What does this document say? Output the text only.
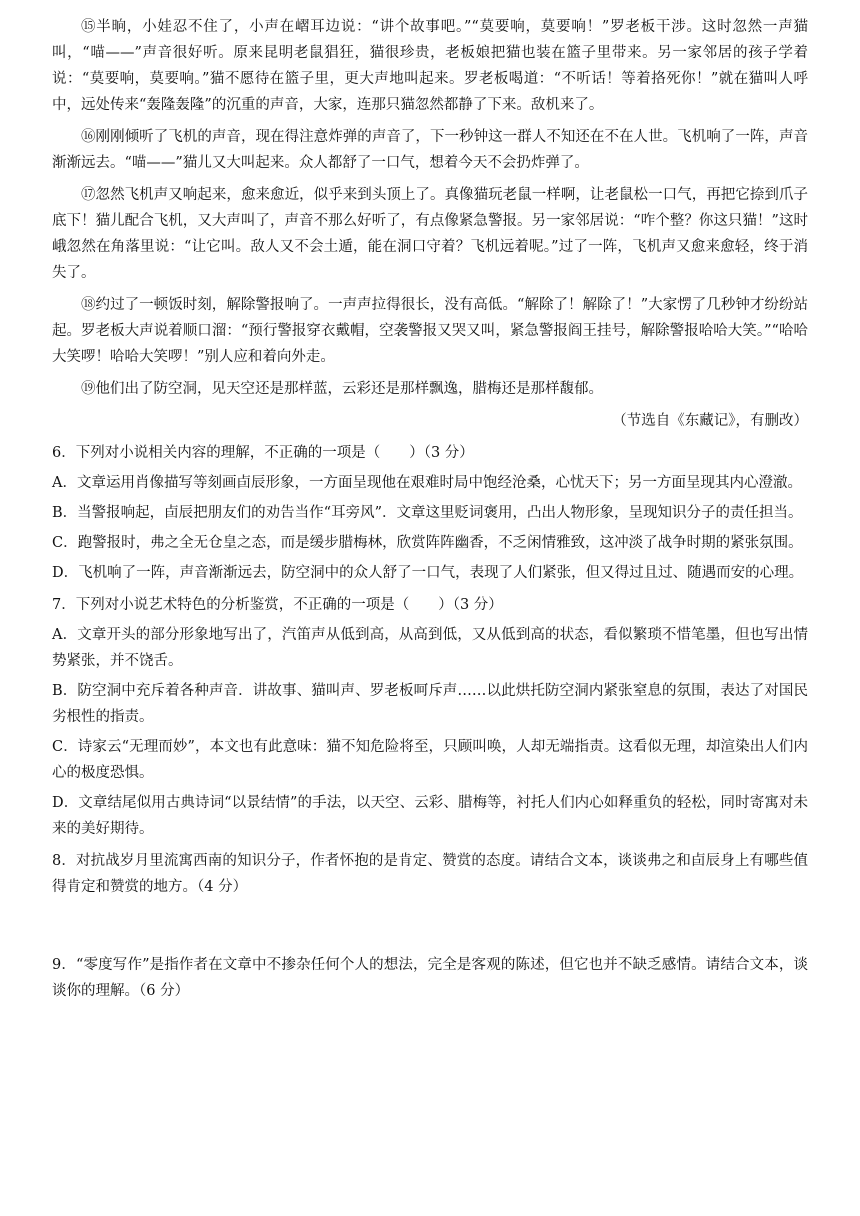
⑮半晌，小娃忍不住了，小声在嶍耳边说：“讲个故事吧。”“莫要响，莫要响！”罗老板干涉。这时忽然一声猫叫，“喵——”声音很好听。原来昆明老鼠猖狂，猫很珍贵，老板娘把猫也装在篮子里带来。另一家邻居的孩子学着说：“莫要响，莫要响。”猫不愿待在篮子里，更大声地叫起来。罗老板喝道：“不听话！等着挌死你！”就在猫叫人呼中，远处传来“轰隆轰隆”的沉重的声音，大家，连那只猫忽然都静了下来。敌机来了。

⑯刚刚倾听了飞机的声音，现在得注意炸弹的声音了，下一秒钟这一群人不知还在不在人世。飞机响了一阵，声音渐渐远去。“喵——”猫儿又大叫起来。众人都舒了一口气，想着今天不会扔炸弹了。

⑰忽然飞机声又响起来，愈来愈近，似乎来到头顶上了。真像猫玩老鼠一样啊，让老鼠松一口气，再把它捺到爪子底下！猫儿配合飞机，又大声叫了，声音不那么好听了，有点像紧急警报。另一家邻居说：“咋个整？你这只猫！”这时峨忽然在角落里说：“让它叫。敌人又不会土遁，能在洞口守着？飞机远着呢。”过了一阵，飞机声又愈来愈轻，终于消失了。

⑱约过了一顿饭时刻，解除警报响了。一声声拉得很长，没有高低。“解除了！解除了！”大家愣了几秒钟才纷纷站起。罗老板大声说着顺口溜：“预行警报穿衣戴帽，空袭警报又哭又叫，紧急警报阎王挂号，解除警报哈哈大笑。”“哈哈大笑啰！哈哈大笑啰！”别人应和着向外走。

⑲他们出了防空洞，见天空还是那样蓝，云彩还是那样飘逸，腊梅还是那样馥郁。

（节选自《东藏记》，有删改）

6．下列对小说相关内容的理解，不正确的一项是（　　）（3 分）

A．文章运用肖像描写等刻画卣辰形象，一方面呈现他在艰难时局中饱经沧桑，心忧天下；另一方面呈现其内心澄澈。

B．当警报响起，卣辰把朋友们的劝告当作“耳旁风”．文章这里贬词褒用，凸出人物形象，呈现知识分子的责任担当。

C．跑警报时，弗之全无仓皇之态，而是缓步腊梅林，欣赏阵阵幽香，不乏闲情雅致，这冲淡了战争时期的紧张氛围。

D．飞机响了一阵，声音渐渐远去，防空洞中的众人舒了一口气，表现了人们紧张，但又得过且过、随遇而安的心理。

7．下列对小说艺术特色的分析鉴赏，不正确的一项是（　　）（3 分）

A．文章开头的部分形象地写出了，汽笛声从低到高，从高到低，又从低到高的状态，看似繁琐不惜笔墨，但也写出情势紧张，并不饶舌。

B．防空洞中充斥着各种声音．讲故事、猫叫声、罗老板呵斥声……以此烘托防空洞内紧张窒息的氛围，表达了对国民劣根性的指责。

C．诗家云“无理而妙”，本文也有此意味：猫不知危险将至，只顾叫唤，人却无端指责。这看似无理，却渲染出人们内心的极度恐惧。

D．文章结尾似用古典诗词“以景结情”的手法，以天空、云彩、腊梅等，衬托人们内心如释重负的轻松，同时寄寓对未来的美好期待。

8．对抗战岁月里流寓西南的知识分子，作者怀抱的是肯定、赞赏的态度。请结合文本，谈谈弗之和卣辰身上有哪些值得肯定和赞赏的地方。（4 分）

9．“零度写作”是指作者在文章中不掺杂任何个人的想法，完全是客观的陈述，但它也并不缺乏感情。请结合文本，谈谈你的理解。（6 分）
